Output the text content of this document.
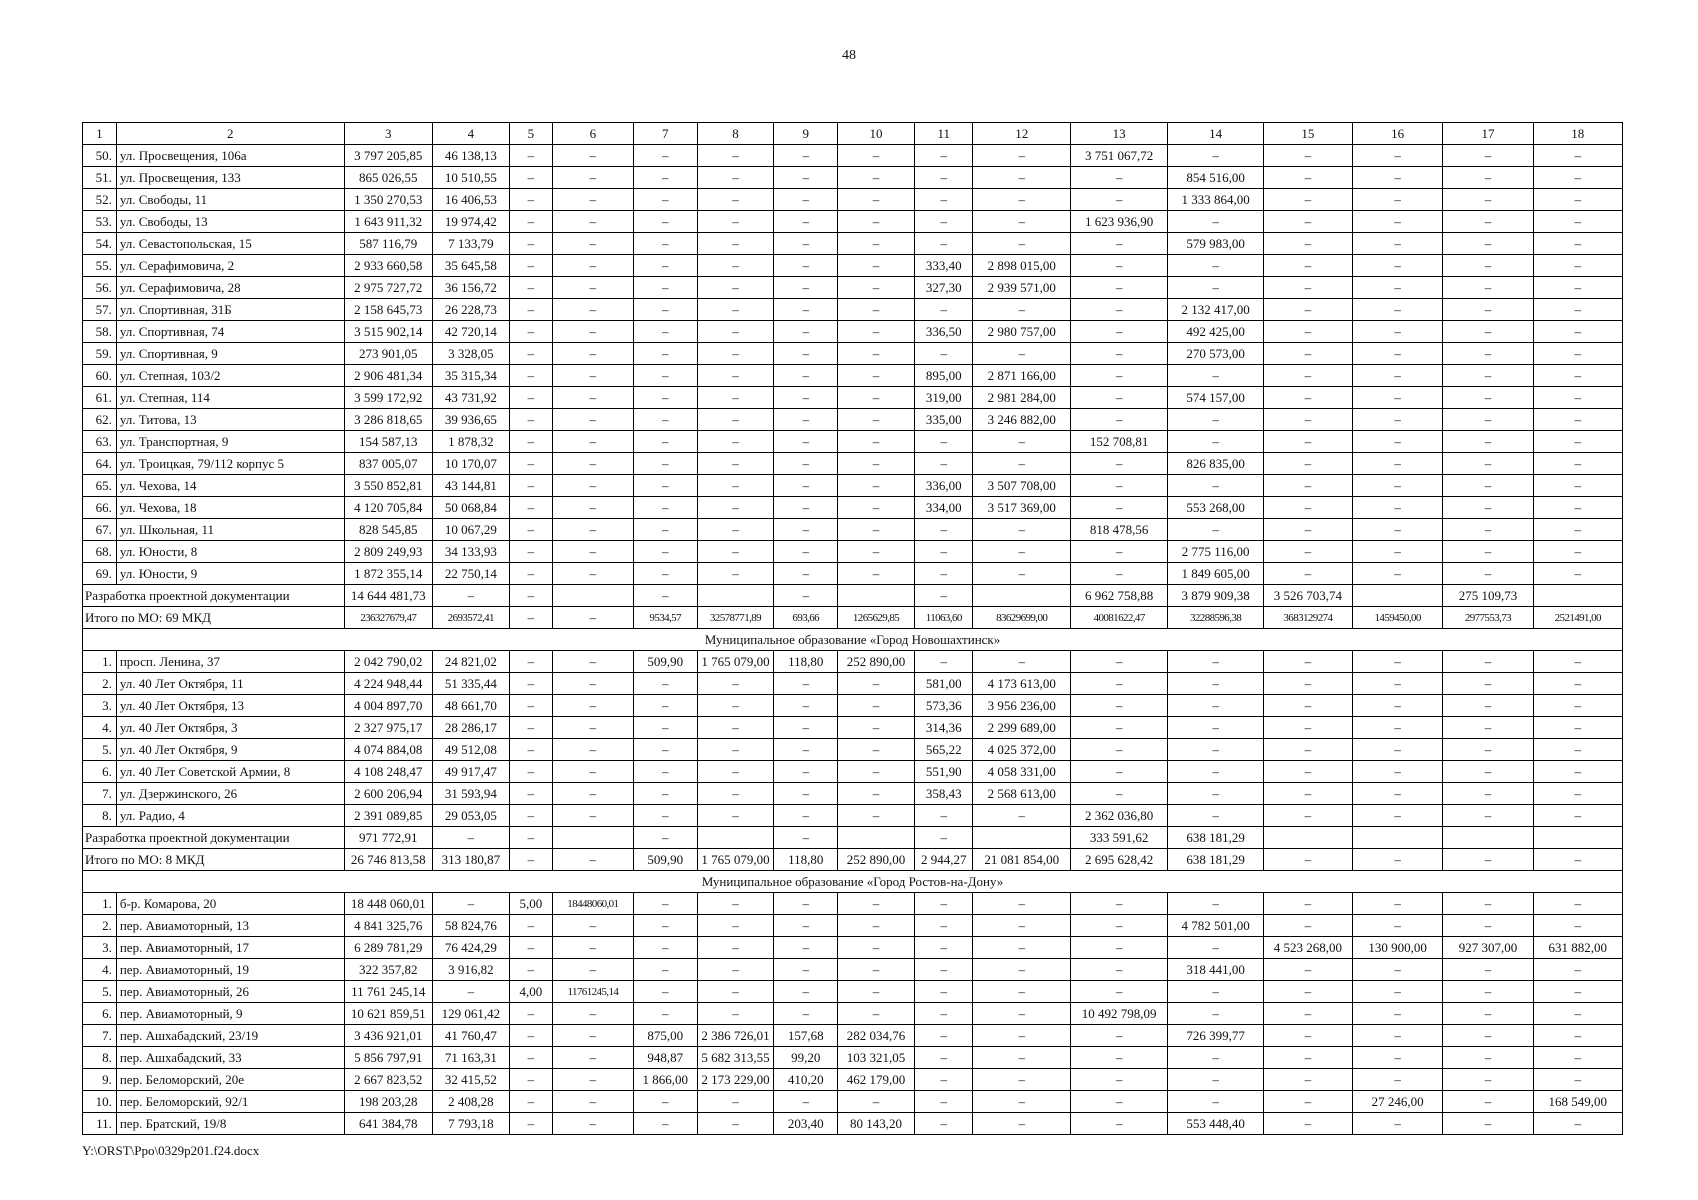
48
1	2	3	4	5	6	7	8	9	10	11	12	13	14	15	16	17	18
50.	ул. Просвещения, 106а	3 797 205,85	46 138,13	–	–	–	–	–	–	–	–	3 751 067,72	–	–	–	–	–
51.	ул. Просвещения, 133	865 026,55	10 510,55	–	–	–	–	–	–	–	–	–	854 516,00	–	–	–	–
52.	ул. Свободы, 11	1 350 270,53	16 406,53	–	–	–	–	–	–	–	–	–	1 333 864,00	–	–	–	–
53.	ул. Свободы, 13	1 643 911,32	19 974,42	–	–	–	–	–	–	–	–	1 623 936,90	–	–	–	–	–
54.	ул. Севастопольская, 15	587 116,79	7 133,79	–	–	–	–	–	–	–	–	–	579 983,00	–	–	–	–
55.	ул. Серафимовича, 2	2 933 660,58	35 645,58	–	–	–	–	–	–	333,40	2 898 015,00	–	–	–	–	–	–
56.	ул. Серафимовича, 28	2 975 727,72	36 156,72	–	–	–	–	–	–	327,30	2 939 571,00	–	–	–	–	–	–
57.	ул. Спортивная, 31Б	2 158 645,73	26 228,73	–	–	–	–	–	–	–	–	–	2 132 417,00	–	–	–	–
58.	ул. Спортивная, 74	3 515 902,14	42 720,14	–	–	–	–	–	–	336,50	2 980 757,00	–	492 425,00	–	–	–	–
59.	ул. Спортивная, 9	273 901,05	3 328,05	–	–	–	–	–	–	–	–	–	270 573,00	–	–	–	–
60.	ул. Степная, 103/2	2 906 481,34	35 315,34	–	–	–	–	–	–	895,00	2 871 166,00	–	–	–	–	–	–
61.	ул. Степная, 114	3 599 172,92	43 731,92	–	–	–	–	–	–	319,00	2 981 284,00	–	574 157,00	–	–	–	–
62.	ул. Титова, 13	3 286 818,65	39 936,65	–	–	–	–	–	–	335,00	3 246 882,00	–	–	–	–	–	–
63.	ул. Транспортная, 9	154 587,13	1 878,32	–	–	–	–	–	–	–	–	152 708,81	–	–	–	–	–
64.	ул. Троицкая, 79/112 корпус 5	837 005,07	10 170,07	–	–	–	–	–	–	–	–	–	826 835,00	–	–	–	–
65.	ул. Чехова, 14	3 550 852,81	43 144,81	–	–	–	–	–	–	336,00	3 507 708,00	–	–	–	–	–	–
66.	ул. Чехова, 18	4 120 705,84	50 068,84	–	–	–	–	–	–	334,00	3 517 369,00	–	553 268,00	–	–	–	–
67.	ул. Школьная, 11	828 545,85	10 067,29	–	–	–	–	–	–	–	–	818 478,56	–	–	–	–	–
68.	ул. Юности, 8	2 809 249,93	34 133,93	–	–	–	–	–	–	–	–	–	2 775 116,00	–	–	–	–
69.	ул. Юности, 9	1 872 355,14	22 750,14	–	–	–	–	–	–	–	–	–	1 849 605,00	–	–	–	–
Разработка проектной документации		14 644 481,73	–	–		–		–		–		6 962 758,88	3 879 909,38	3 526 703,74		275 109,73	
Итого по МО: 69 МКД		236327679,47	2693572,41	–	–	9534,57	32578771,89	693,66	1265629,85	11063,60	83629699,00	40081622,47	32288596,38	3683129274	1459450,00	2977553,73	2521491,00
Муниципальное образование «Город Новошахтинск»																	
1.	просп. Ленина, 37	2 042 790,02	24 821,02	–	–	509,90	1 765 079,00	118,80	252 890,00	–	–	–	–	–	–	–	–
2.	ул. 40 Лет Октября, 11	4 224 948,44	51 335,44	–	–	–	–	–	–	581,00	4 173 613,00	–	–	–	–	–	–
3.	ул. 40 Лет Октября, 13	4 004 897,70	48 661,70	–	–	–	–	–	–	573,36	3 956 236,00	–	–	–	–	–	–
4.	ул. 40 Лет Октября, 3	2 327 975,17	28 286,17	–	–	–	–	–	–	314,36	2 299 689,00	–	–	–	–	–	–
5.	ул. 40 Лет Октября, 9	4 074 884,08	49 512,08	–	–	–	–	–	–	565,22	4 025 372,00	–	–	–	–	–	–
6.	ул. 40 Лет Советской Армии, 8	4 108 248,47	49 917,47	–	–	–	–	–	–	551,90	4 058 331,00	–	–	–	–	–	–
7.	ул. Дзержинского, 26	2 600 206,94	31 593,94	–	–	–	–	–	–	358,43	2 568 613,00	–	–	–	–	–	–
8.	ул. Радио, 4	2 391 089,85	29 053,05	–	–	–	–	–	–	–	–	2 362 036,80	–	–	–	–	–
Разработка проектной документации		971 772,91	–	–		–		–		–		333 591,62	638 181,29				
Итого по МО: 8 МКД		26 746 813,58	313 180,87	–	–	509,90	1 765 079,00	118,80	252 890,00	2 944,27	21 081 854,00	2 695 628,42	638 181,29	–	–	–	–
Муниципальное образование «Город Ростов-на-Дону»																	
1.	б-р. Комарова, 20	18 448 060,01	–	5,00	18448060,01	–	–	–	–	–	–	–	–	–	–	–	–
2.	пер. Авиамоторный, 13	4 841 325,76	58 824,76	–	–	–	–	–	–	–	–	–	4 782 501,00	–	–	–	–
3.	пер. Авиамоторный, 17	6 289 781,29	76 424,29	–	–	–	–	–	–	–	–	–	–	4 523 268,00	130 900,00	927 307,00	631 882,00
4.	пер. Авиамоторный, 19	322 357,82	3 916,82	–	–	–	–	–	–	–	–	–	318 441,00	–	–	–	–
5.	пер. Авиамоторный, 26	11 761 245,14	–	4,00	11761245,14	–	–	–	–	–	–	–	–	–	–	–	–
6.	пер. Авиамоторный, 9	10 621 859,51	129 061,42	–	–	–	–	–	–	–	–	10 492 798,09	–	–	–	–	–
7.	пер. Ашхабадский, 23/19	3 436 921,01	41 760,47	–	–	875,00	2 386 726,01	157,68	282 034,76	–	–	–	726 399,77	–	–	–	–
8.	пер. Ашхабадский, 33	5 856 797,91	71 163,31	–	–	948,87	5 682 313,55	99,20	103 321,05	–	–	–	–	–	–	–	–
9.	пер. Беломорский, 20е	2 667 823,52	32 415,52	–	–	1 866,00	2 173 229,00	410,20	462 179,00	–	–	–	–	–	–	–	–
10.	пер. Беломорский, 92/1	198 203,28	2 408,28	–	–	–	–	–	–	–	–	–	–	–	27 246,00	–	168 549,00
11.	пер. Братский, 19/8	641 384,78	7 793,18	–	–	–	–	203,40	80 143,20	–	–	–	553 448,40	–	–	–	–
Y:\ORST\Ppo\0329p201.f24.docx
